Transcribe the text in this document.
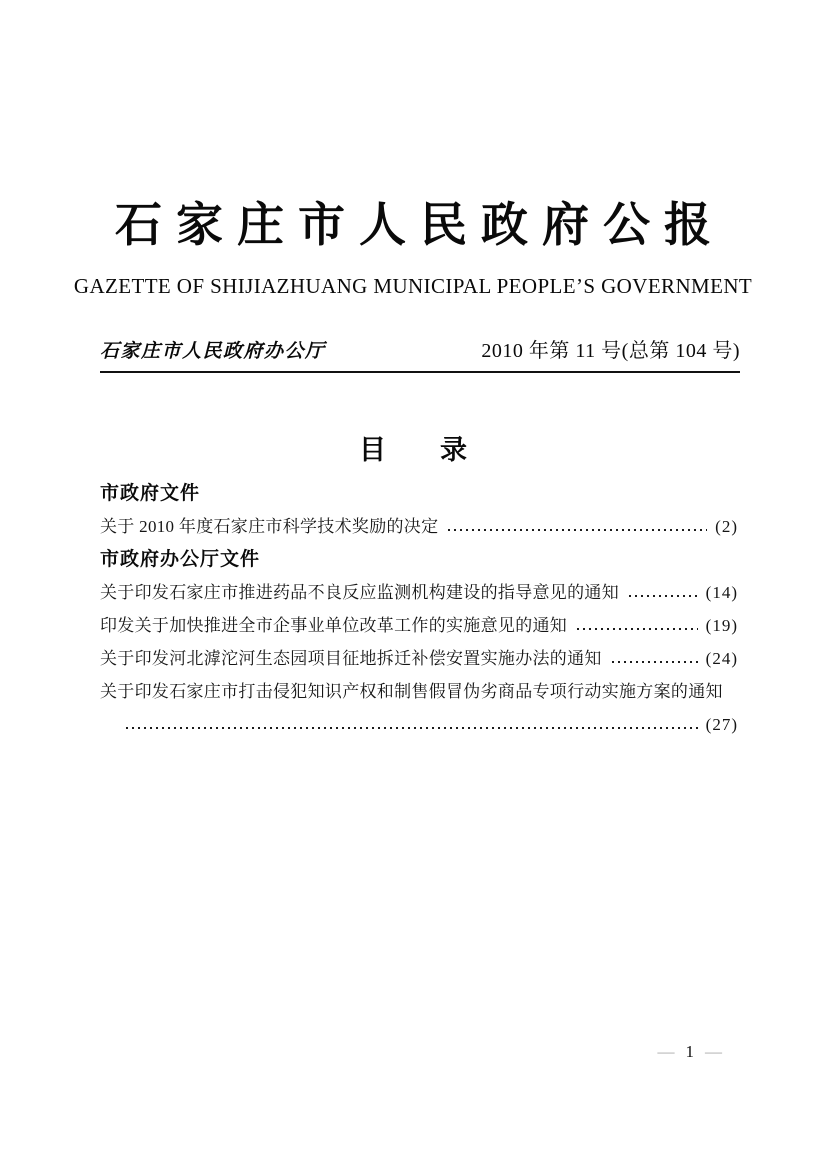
石家庄市人民政府公报
GAZETTE OF SHIJIAZHUANG MUNICIPAL PEOPLE’S GOVERNMENT
石家庄市人民政府办公厅	2010 年第 11 号(总第 104 号)
目　　录
市政府文件
关于 2010 年度石家庄市科学技术奖励的决定	(2)
市政府办公厅文件
关于印发石家庄市推进药品不良反应监测机构建设的指导意见的通知	(14)
印发关于加快推进全市企事业单位改革工作的实施意见的通知	(19)
关于印发河北滹沱河生态园项目征地拆迁补偿安置实施办法的通知	(24)
关于印发石家庄市打击侵犯知识产权和制售假冒伪劣商品专项行动实施方案的通知
(27)
— 1 —
